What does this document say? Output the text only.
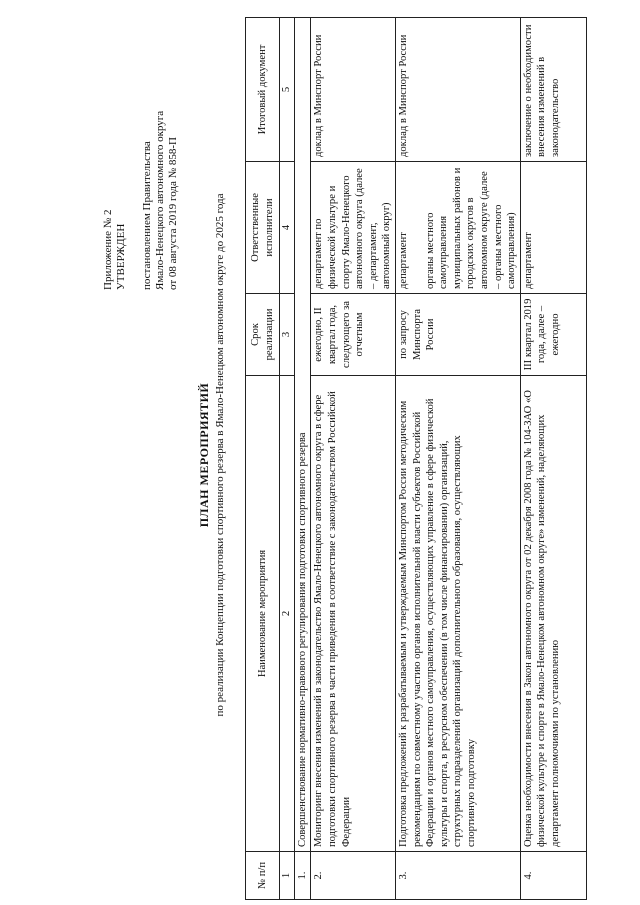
Приложение № 2 УТВЕРЖДЕН постановлением Правительства Ямало-Ненецкого автономного округа от 08 августа 2019 года № 858-П
ПЛАН МЕРОПРИЯТИЙ по реализации Концепции подготовки спортивного резерва в Ямало-Ненецком автономном округе до 2025 года
№ п/п	Наименование мероприятия	Срок реализации	Ответственные исполнители	Итоговый документ
1	2	3	4	5
1.	Совершенствование нормативно-правового регулирования подготовки спортивного резерва			
2.	Мониторинг внесения изменений в законодательство Ямало-Ненецкого автономного округа в сфере подготовки спортивного резерва в части приведения в соответствие с законодательством Российской Федерации	ежегодно, II квартал года, следующего за отчетным	департамент по физической культуре и спорту Ямало-Ненецкого автономного округа (далее – департамент, автономный округ)	доклад в Минспорт России
3.	Подготовка предложений к разрабатываемым и утверждаемым Минспортом России методическим рекомендациям по совместному участию органов исполнительной власти субъектов Российской Федерации и органов местного самоуправления, осуществляющих управление в сфере физической культуры и спорта, в ресурсном обеспечении (в том числе финансировании) организаций, структурных подразделений организаций дополнительного образования, осуществляющих спортивную подготовку	по запросу Минспорта России	департамент органы местного самоуправления муниципальных районов и городских округов в автономном округе (далее – органы местного самоуправления)	доклад в Минспорт России
4.	Оценка необходимости внесения в Закон автономного округа от 02 декабря 2008 года № 104-ЗАО «О физической культуре и спорте в Ямало-Ненецком автономном округе» изменений, наделяющих департамент полномочиями по установлению	III квартал 2019 года, далее – ежегодно	департамент	заключение о необходимости внесения изменений в законодательство
